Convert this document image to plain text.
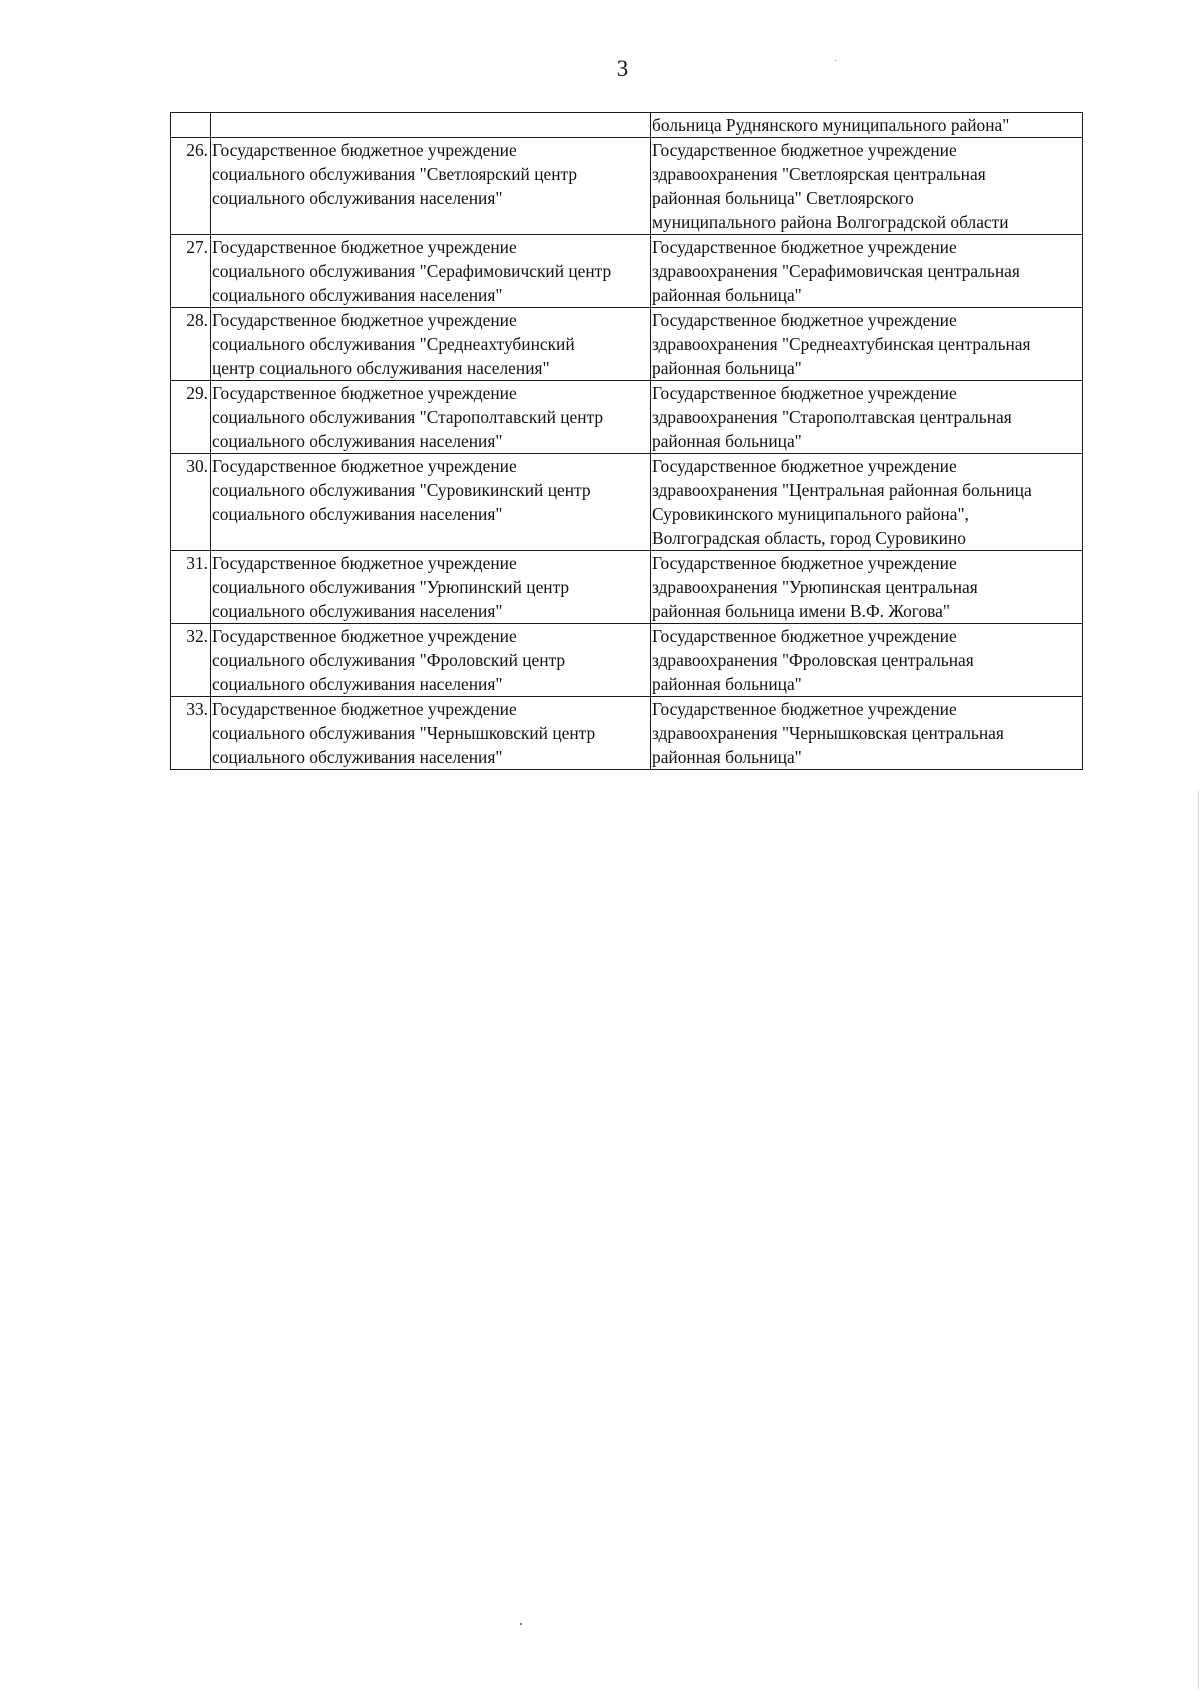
3

		больница Руднянского муниципального района"

26.	Государственное бюджетное учреждение
социального обслуживания "Светлоярский центр
социального обслуживания населения"	Государственное бюджетное учреждение
здравоохранения "Светлоярская центральная
районная больница" Светлоярского
муниципального района Волгоградской области

27.	Государственное бюджетное учреждение
социального обслуживания "Серафимовичский центр
социального обслуживания населения"	Государственное бюджетное учреждение
здравоохранения "Серафимовичская центральная
районная больница"

28.	Государственное бюджетное учреждение
социального обслуживания "Среднеахтубинский
центр социального обслуживания населения"	Государственное бюджетное учреждение
здравоохранения "Среднеахтубинская центральная
районная больница"

29.	Государственное бюджетное учреждение
социального обслуживания "Старополтавский центр
социального обслуживания населения"	Государственное бюджетное учреждение
здравоохранения "Старополтавская центральная
районная больница"

30.	Государственное бюджетное учреждение
социального обслуживания "Суровикинский центр
социального обслуживания населения"	Государственное бюджетное учреждение
здравоохранения "Центральная районная больница
Суровикинского муниципального района",
Волгоградская область, город Суровикино

31.	Государственное бюджетное учреждение
социального обслуживания "Урюпинский центр
социального обслуживания населения"	Государственное бюджетное учреждение
здравоохранения "Урюпинская центральная
районная больница имени В.Ф. Жогова"

32.	Государственное бюджетное учреждение
социального обслуживания "Фроловский центр
социального обслуживания населения"	Государственное бюджетное учреждение
здравоохранения "Фроловская центральная
районная больница"

33.	Государственное бюджетное учреждение
социального обслуживания "Чернышковский центр
социального обслуживания населения"	Государственное бюджетное учреждение
здравоохранения "Чернышковская центральная
районная больница"
